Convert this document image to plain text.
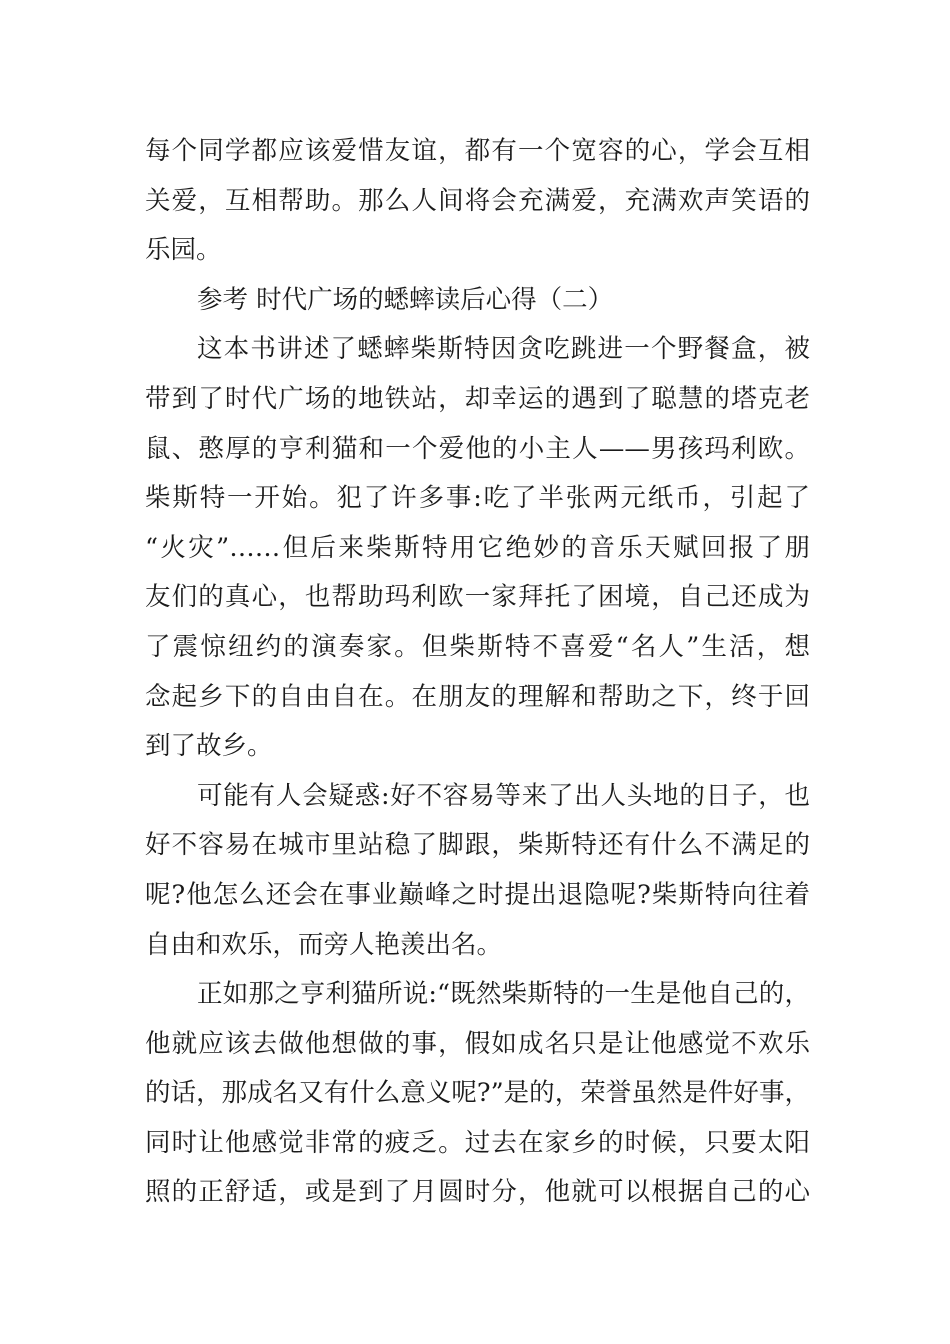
每个同学都应该爱惜友谊，都有一个宽容的心，学会互相
关爱，互相帮助。那么人间将会充满爱，充满欢声笑语的
乐园。
参考 时代广场的蟋蟀读后心得（二）
这本书讲述了蟋蟀柴斯特因贪吃跳进一个野餐盒，被
带到了时代广场的地铁站，却幸运的遇到了聪慧的塔克老
鼠、憨厚的亨利猫和一个爱他的小主人——男孩玛利欧。
柴斯特一开始。犯了许多事:吃了半张两元纸币，引起了
“火灾”……但后来柴斯特用它绝妙的音乐天赋回报了朋
友们的真心，也帮助玛利欧一家拜托了困境，自己还成为
了震惊纽约的演奏家。但柴斯特不喜爱“名人”生活，想
念起乡下的自由自在。在朋友的理解和帮助之下，终于回
到了故乡。
可能有人会疑惑:好不容易等来了出人头地的日子，也
好不容易在城市里站稳了脚跟，柴斯特还有什么不满足的
呢?他怎么还会在事业巅峰之时提出退隐呢?柴斯特向往着
自由和欢乐，而旁人艳羡出名。
正如那之亨利猫所说:“既然柴斯特的一生是他自己的，
他就应该去做他想做的事，假如成名只是让他感觉不欢乐
的话，那成名又有什么意义呢?”是的，荣誉虽然是件好事，
同时让他感觉非常的疲乏。过去在家乡的时候，只要太阳
照的正舒适，或是到了月圆时分，他就可以根据自己的心
